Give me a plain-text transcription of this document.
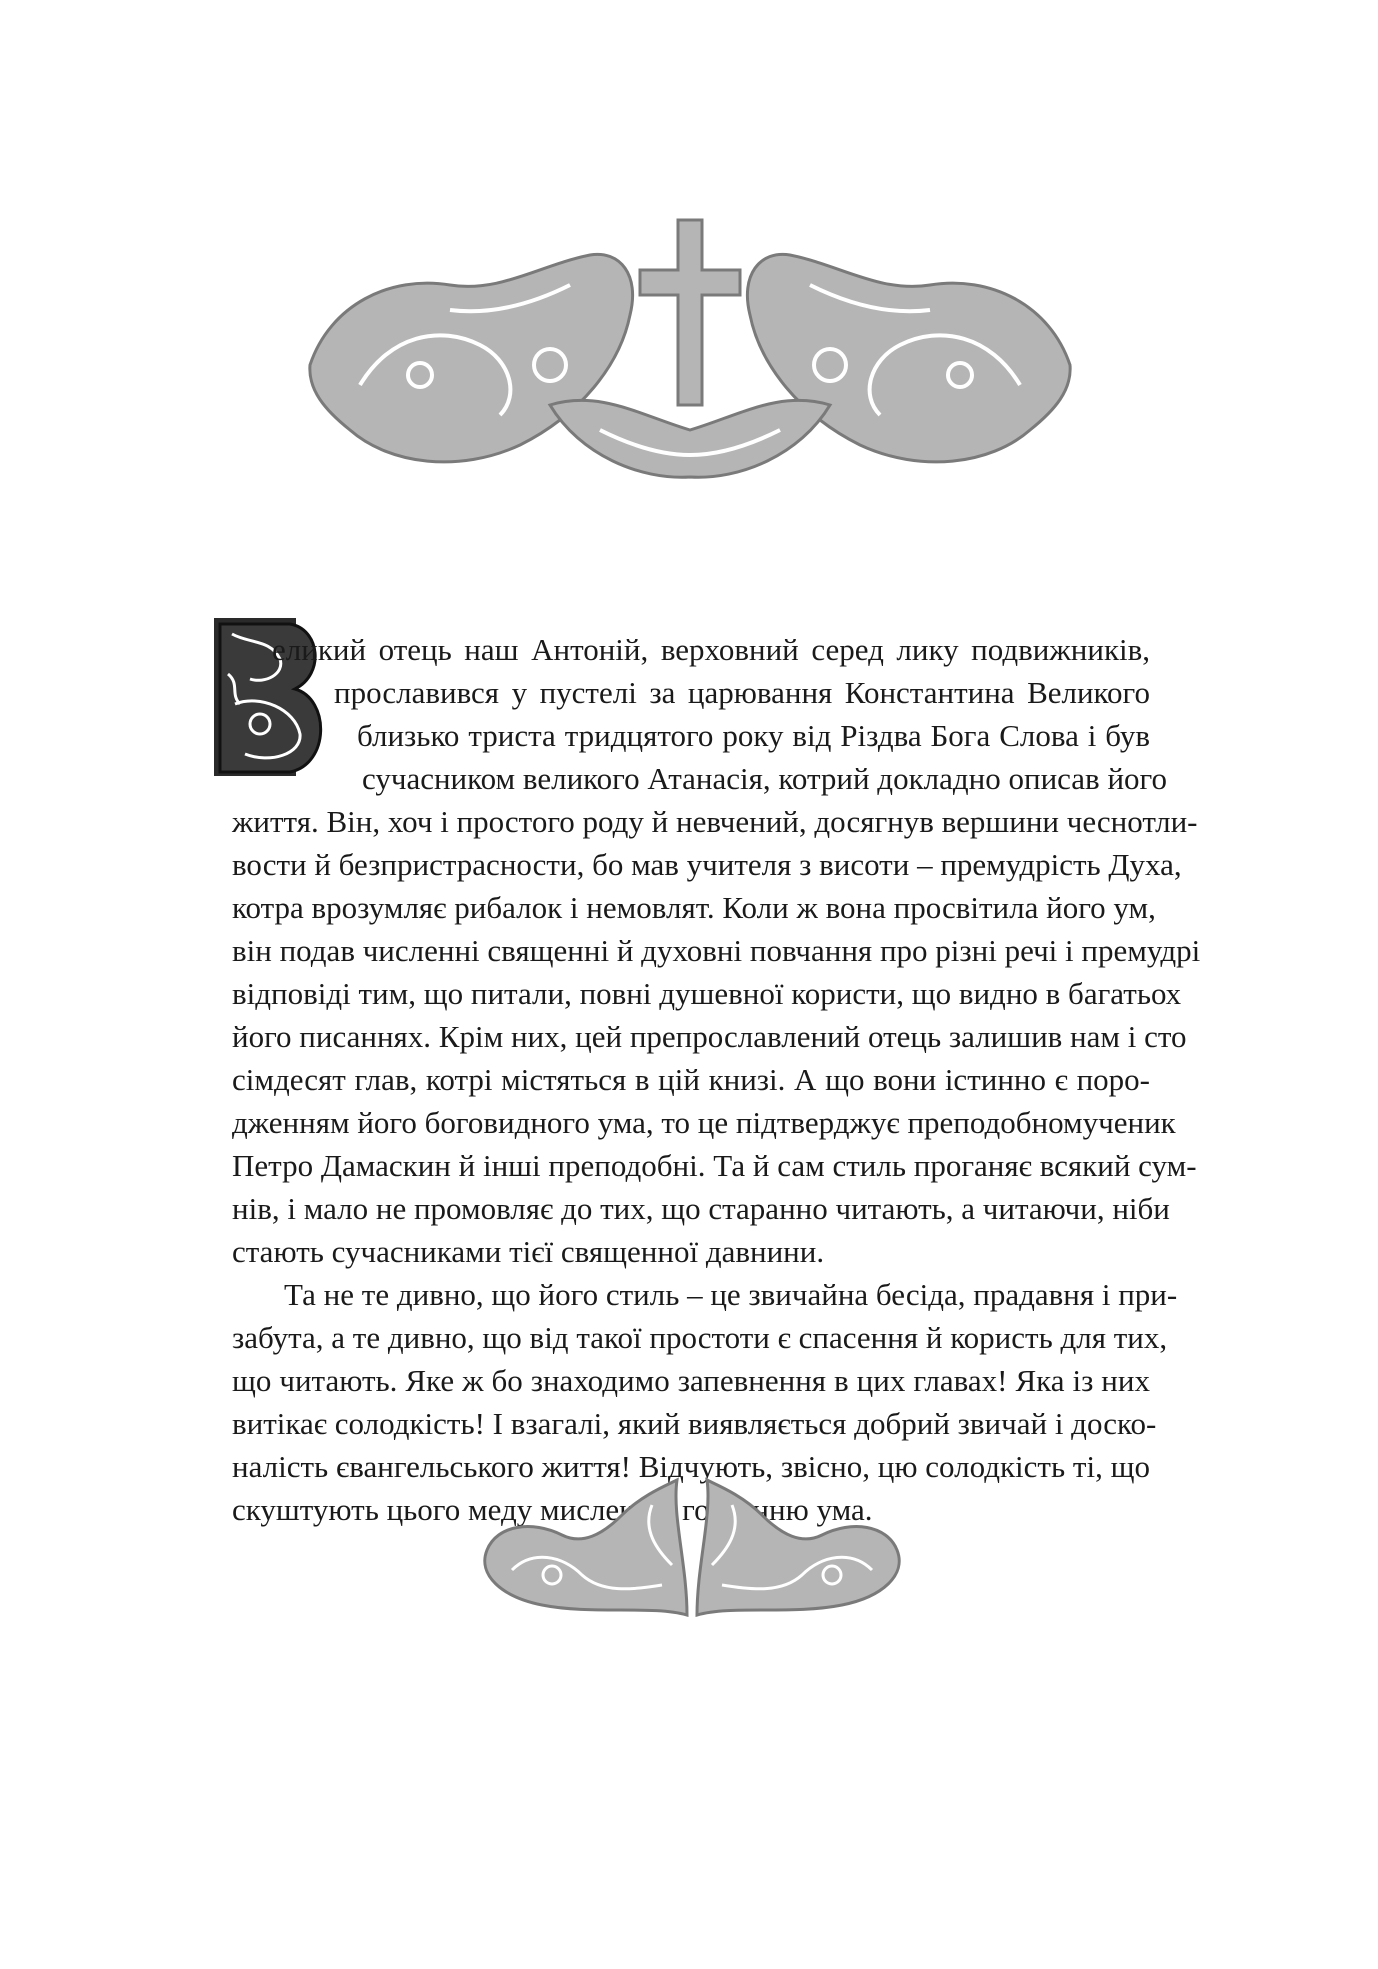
еликий отець наш Антоній, верховний серед лику подвижників,
прославився у пустелі за царювання Константина Великого
близько триста тридцятого року від Різдва Бога Слова і був
сучасником великого Атанасія, котрий докладно описав його
життя. Він, хоч і простого роду й невчений, досягнув вершини чеснотли-
вости й безпристрасности, бо мав учителя з висоти – премудрість Духа,
котра врозумляє рибалок і немовлят. Коли ж вона просвітила його ум,
він подав численні священні й духовні повчання про різні речі і премудрі
відповіді тим, що питали, повні душевної користи, що видно в багатьох
його писаннях. Крім них, цей препрославлений отець залишив нам і сто
сімдесят глав, котрі містяться в цій книзі. А що вони істинно є поро-
дженням його боговидного ума, то це підтверджує преподобномученик
Петро Дамаскин й інші преподобні. Та й сам стиль проганяє всякий сум-
нів, і мало не промовляє до тих, що старанно читають, а читаючи, ніби
стають сучасниками тієї священної давнини.
Та не те дивно, що його стиль – це звичайна бесіда, прадавня і при-
забута, а те дивно, що від такої простоти є спасення й користь для тих,
що читають. Яке ж бо знаходимо запевнення в цих главах! Яка із них
витікає солодкість! І взагалі, який виявляється добрий звичай і доско-
налість євангельського життя! Відчують, звісно, цю солодкість ті, що
скуштують цього меду мисленою гортанню ума.
